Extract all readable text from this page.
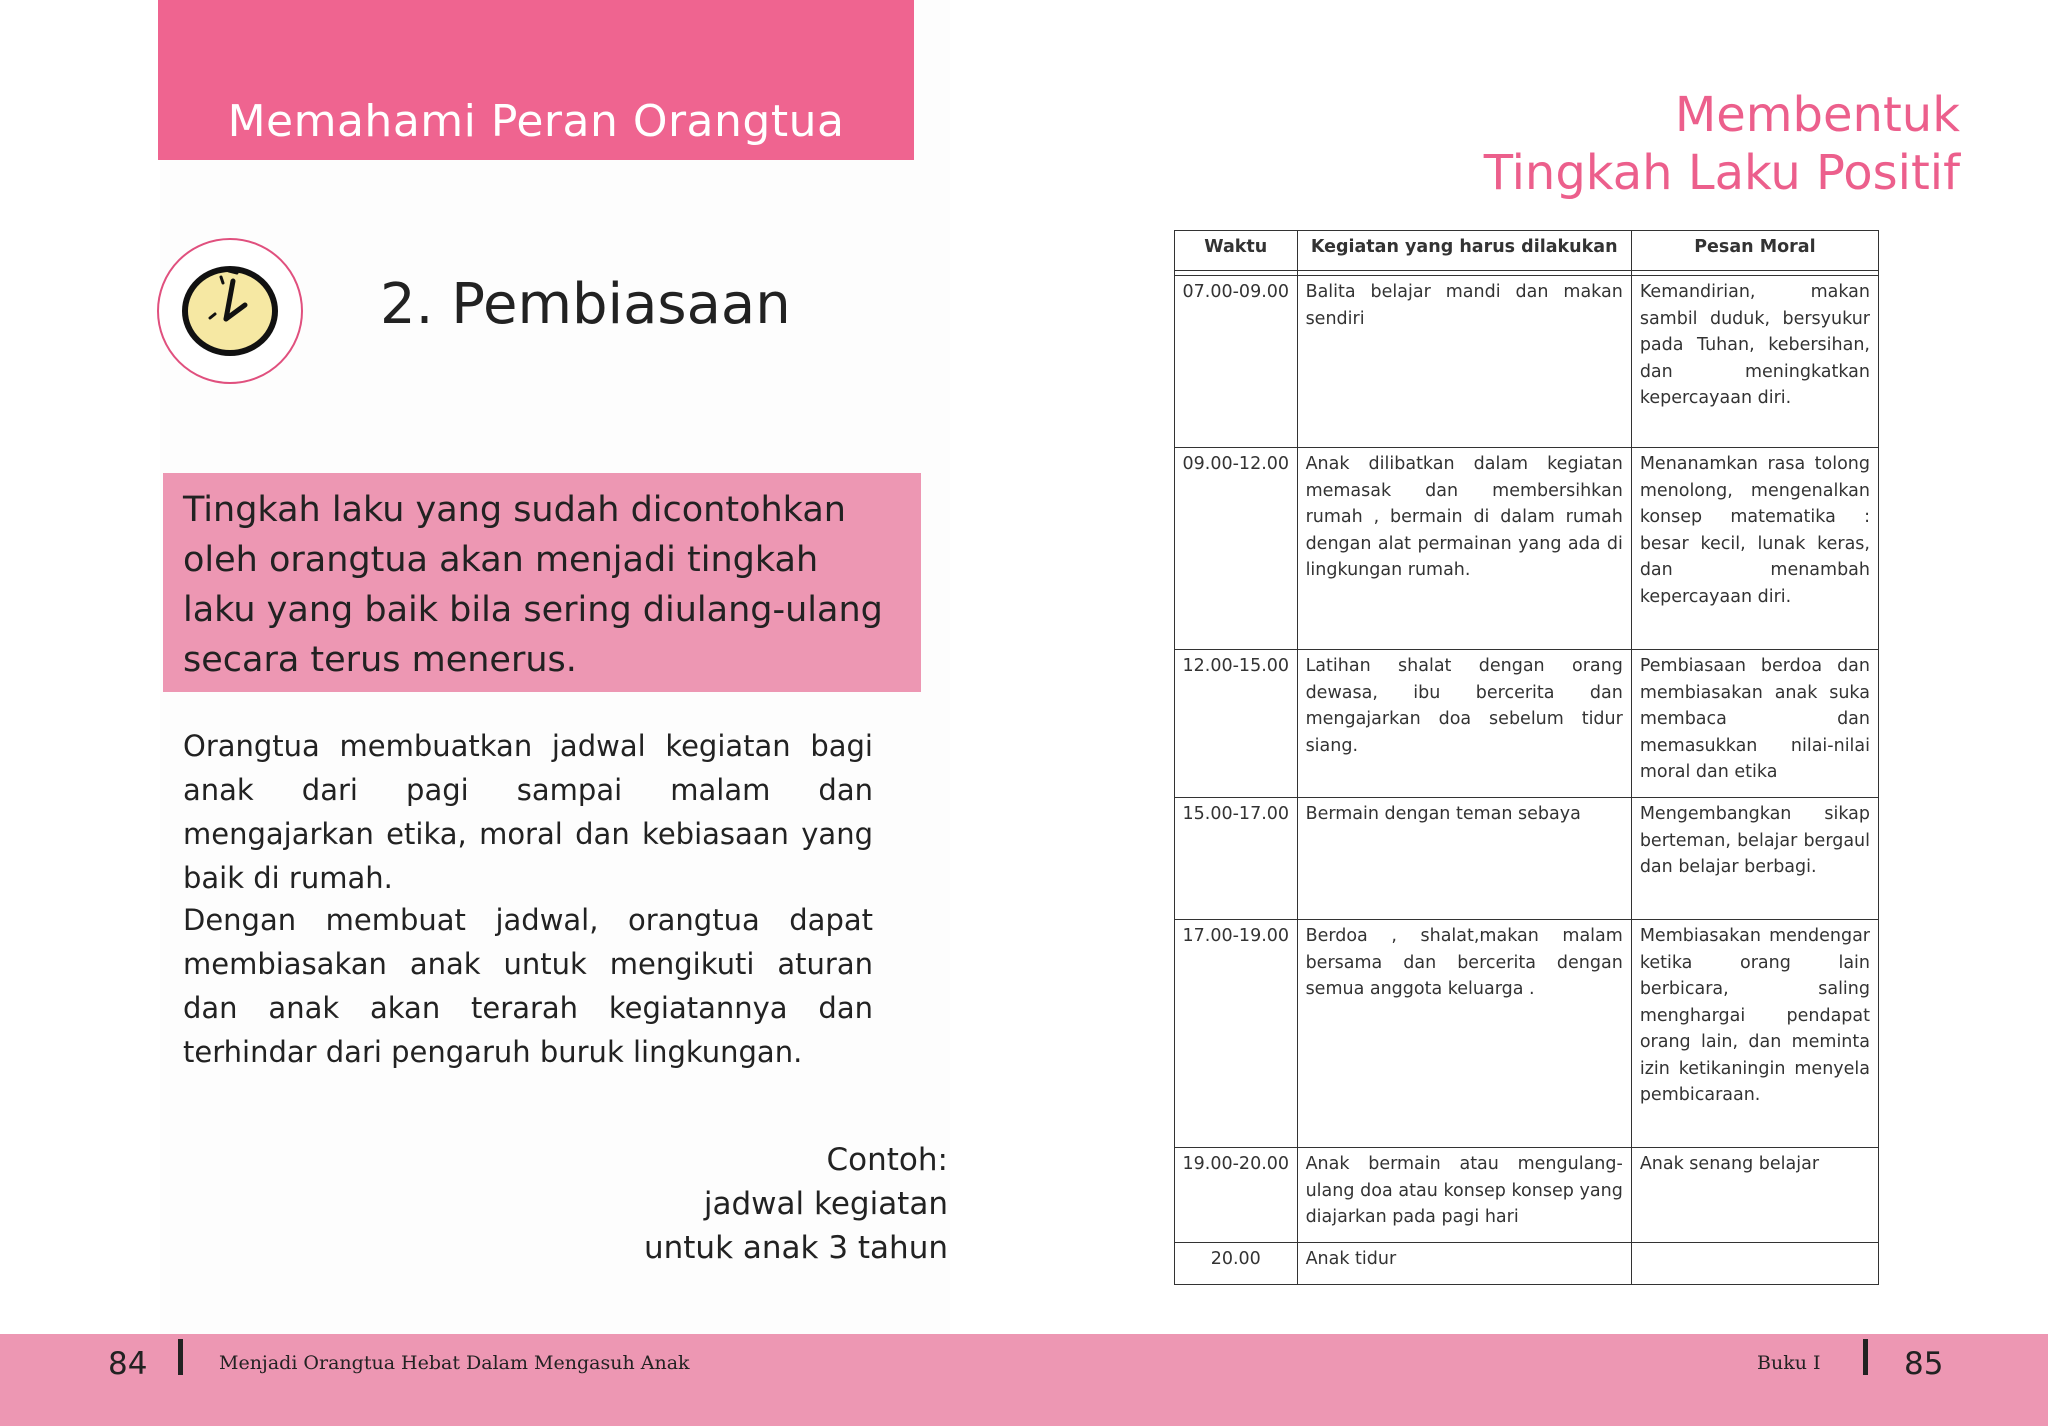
Memahami Peran Orangtua	Membentuk
Tingkah Laku Positif
2. Pembiasaan

Tingkah laku yang sudah dicontohkan oleh orangtua akan menjadi tingkah laku yang baik bila sering diulang-ulang secara terus menerus.

Orangtua membuatkan jadwal kegiatan bagi anak dari pagi sampai malam dan mengajarkan etika, moral dan kebiasaan yang baik di rumah.

Dengan membuat jadwal, orangtua dapat membiasakan anak untuk mengikuti aturan dan anak akan terarah kegiatannya dan terhindar dari pengaruh buruk lingkungan.

Contoh:
jadwal kegiatan
untuk anak 3 tahun
Waktu	Kegiatan yang harus dilakukan	Pesan Moral

07.00-09.00	Balita belajar mandi dan makan sendiri	Kemandirian, makan sambil duduk, bersyukur pada Tuhan, kebersihan, dan meningkatkan kepercayaan diri.
09.00-12.00	Anak dilibatkan dalam kegiatan memasak dan membersihkan rumah , bermain di dalam rumah dengan alat permainan yang ada di lingkungan rumah.	Menanamkan rasa tolong menolong, mengenalkan konsep matematika : besar kecil, lunak keras, dan menambah kepercayaan diri.
12.00-15.00	Latihan shalat dengan orang dewasa, ibu bercerita dan mengajarkan doa sebelum tidur siang.	Pembiasaan berdoa dan membiasakan anak suka membaca dan memasukkan nilai-nilai moral dan etika
15.00-17.00	Bermain dengan teman sebaya	Mengembangkan sikap berteman, belajar bergaul dan belajar berbagi.
17.00-19.00	Berdoa , shalat,makan malam bersama dan bercerita dengan semua anggota keluarga .	Membiasakan mendengar ketika orang lain berbicara, saling menghargai pendapat orang lain, dan meminta izin ketikaningin menyela pembicaraan.
19.00-20.00	Anak bermain atau mengulang-ulang doa atau konsep konsep yang diajarkan pada pagi hari	Anak senang belajar
20.00	Anak tidur	
84	Menjadi Orangtua Hebat Dalam Mengasuh Anak	Buku I	85
